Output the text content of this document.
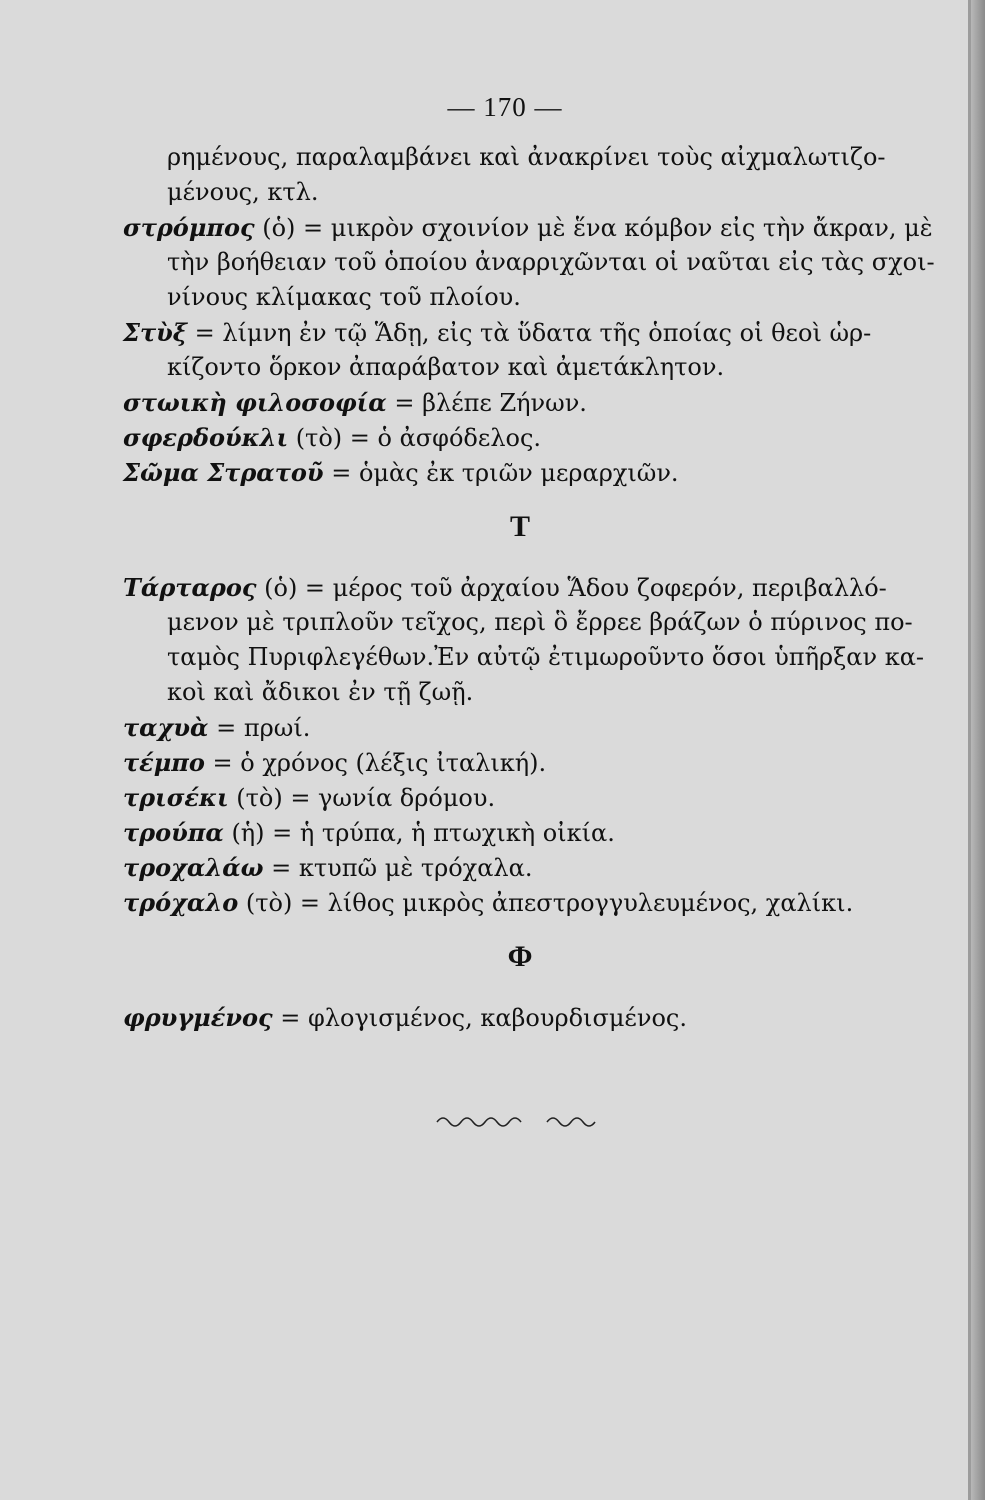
— 170 —
ρημένους, παραλαμβάνει καὶ ἀνακρίνει τοὺς αἰχμαλωτιζο-
μένους, κτλ.
στρόμπος (ὁ) = μικρὸν σχοινίον μὲ ἕνα κόμβον εἰς τὴν ἄκραν, μὲ
τὴν βοήθειαν τοῦ ὁποίου ἀναρριχῶνται οἱ ναῦται εἰς τὰς σχοι-
νίνους κλίμακας τοῦ πλοίου.
Στὺξ = λίμνη ἐν τῷ Ἅδῃ, εἰς τὰ ὕδατα τῆς ὁποίας οἱ θεοὶ ὡρ-
κίζοντο ὅρκον ἀπαράβατον καὶ ἀμετάκλητον.
στωικὴ φιλοσοφία = βλέπε Ζήνων.
σφερδούκλι (τὸ) = ὁ ἀσφόδελος.
Σῶμα Στρατοῦ = ὁμὰς ἐκ τριῶν μεραρχιῶν.
Τ
Τάρταρος (ὁ) = μέρος τοῦ ἀρχαίου Ἅδου ζοφερόν, περιβαλλό-
μενον μὲ τριπλοῦν τεῖχος, περὶ ὃ ἔρρεε βράζων ὁ πύρινος πο-
ταμὸς Πυριφλεγέθων.Ἐν αὐτῷ ἐτιμωροῦντο ὅσοι ὑπῆρξαν κα-
κοὶ καὶ ἄδικοι ἐν τῇ ζωῇ.
ταχυὰ = πρωί.
τέμπο = ὁ χρόνος (λέξις ἰταλική).
τρισέκι (τὸ) = γωνία δρόμου.
τρούπα (ἡ) = ἡ τρύπα, ἡ πτωχικὴ οἰκία.
τροχαλάω = κτυπῶ μὲ τρόχαλα.
τρόχαλο (τὸ) = λίθος μικρὸς ἀπεστρογγυλευμένος, χαλίκι.
Φ
φρυγμένος = φλογισμένος, καβουρδισμένος.
